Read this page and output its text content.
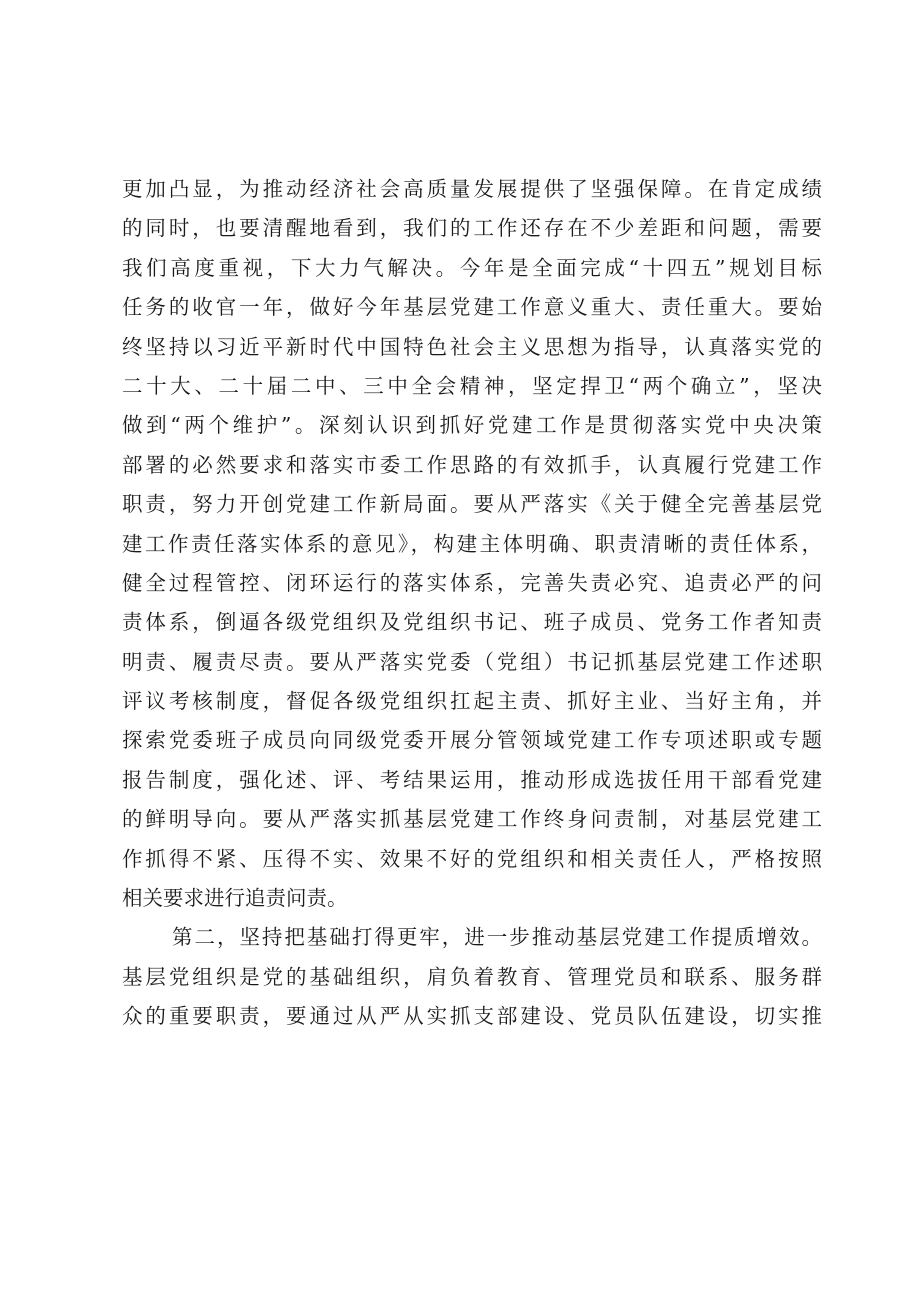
更加凸显，为推动经济社会高质量发展提供了坚强保障。在肯定成绩
的同时，也要清醒地看到，我们的工作还存在不少差距和问题，需要
我们高度重视，下大力气解决。今年是全面完成“十四五”规划目标
任务的收官一年，做好今年基层党建工作意义重大、责任重大。要始
终坚持以习近平新时代中国特色社会主义思想为指导，认真落实党的
二十大、二十届二中、三中全会精神，坚定捍卫“两个确立”，坚决
做到“两个维护”。深刻认识到抓好党建工作是贯彻落实党中央决策
部署的必然要求和落实市委工作思路的有效抓手，认真履行党建工作
职责，努力开创党建工作新局面。要从严落实《关于健全完善基层党
建工作责任落实体系的意见》，构建主体明确、职责清晰的责任体系，
健全过程管控、闭环运行的落实体系，完善失责必究、追责必严的问
责体系，倒逼各级党组织及党组织书记、班子成员、党务工作者知责
明责、履责尽责。要从严落实党委（党组）书记抓基层党建工作述职
评议考核制度，督促各级党组织扛起主责、抓好主业、当好主角，并
探索党委班子成员向同级党委开展分管领域党建工作专项述职或专题
报告制度，强化述、评、考结果运用，推动形成选拔任用干部看党建
的鲜明导向。要从严落实抓基层党建工作终身问责制，对基层党建工
作抓得不紧、压得不实、效果不好的党组织和相关责任人，严格按照
相关要求进行追责问责。
第二，坚持把基础打得更牢，进一步推动基层党建工作提质增效。
基层党组织是党的基础组织，肩负着教育、管理党员和联系、服务群
众的重要职责，要通过从严从实抓支部建设、党员队伍建设，切实推
